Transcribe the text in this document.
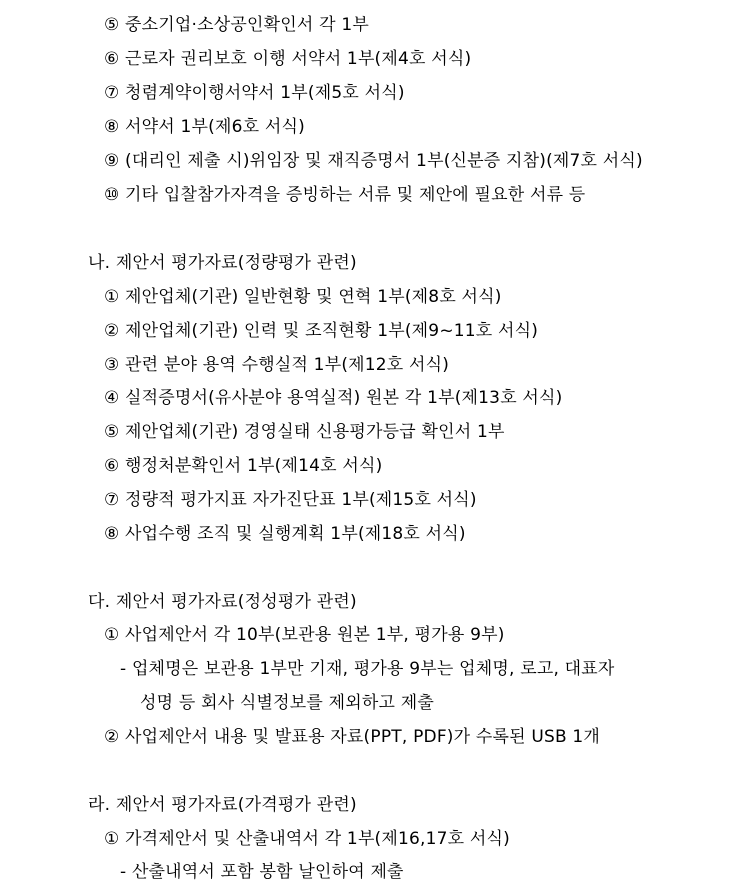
⑤ 중소기업·소상공인확인서 각 1부
⑥ 근로자 권리보호 이행 서약서 1부(제4호 서식)
⑦ 청렴계약이행서약서 1부(제5호 서식)
⑧ 서약서 1부(제6호 서식)
⑨ (대리인 제출 시)위임장 및 재직증명서 1부(신분증 지참)(제7호 서식)
⑩ 기타 입찰참가자격을 증빙하는 서류 및 제안에 필요한 서류 등
나. 제안서 평가자료(정량평가 관련)
① 제안업체(기관) 일반현황 및 연혁 1부(제8호 서식)
② 제안업체(기관) 인력 및 조직현황 1부(제9~11호 서식)
③ 관련 분야 용역 수행실적 1부(제12호 서식)
④ 실적증명서(유사분야 용역실적) 원본 각 1부(제13호 서식)
⑤ 제안업체(기관) 경영실태 신용평가등급 확인서 1부
⑥ 행정처분확인서 1부(제14호 서식)
⑦ 정량적 평가지표 자가진단표 1부(제15호 서식)
⑧ 사업수행 조직 및 실행계획 1부(제18호 서식)
다. 제안서 평가자료(정성평가 관련)
① 사업제안서 각 10부(보관용 원본 1부, 평가용 9부)
- 업체명은 보관용 1부만 기재, 평가용 9부는 업체명, 로고, 대표자
성명 등 회사 식별정보를 제외하고 제출
② 사업제안서 내용 및 발표용 자료(PPT, PDF)가 수록된 USB 1개
라. 제안서 평가자료(가격평가 관련)
① 가격제안서 및 산출내역서 각 1부(제16,17호 서식)
- 산출내역서 포함 봉함 날인하여 제출
